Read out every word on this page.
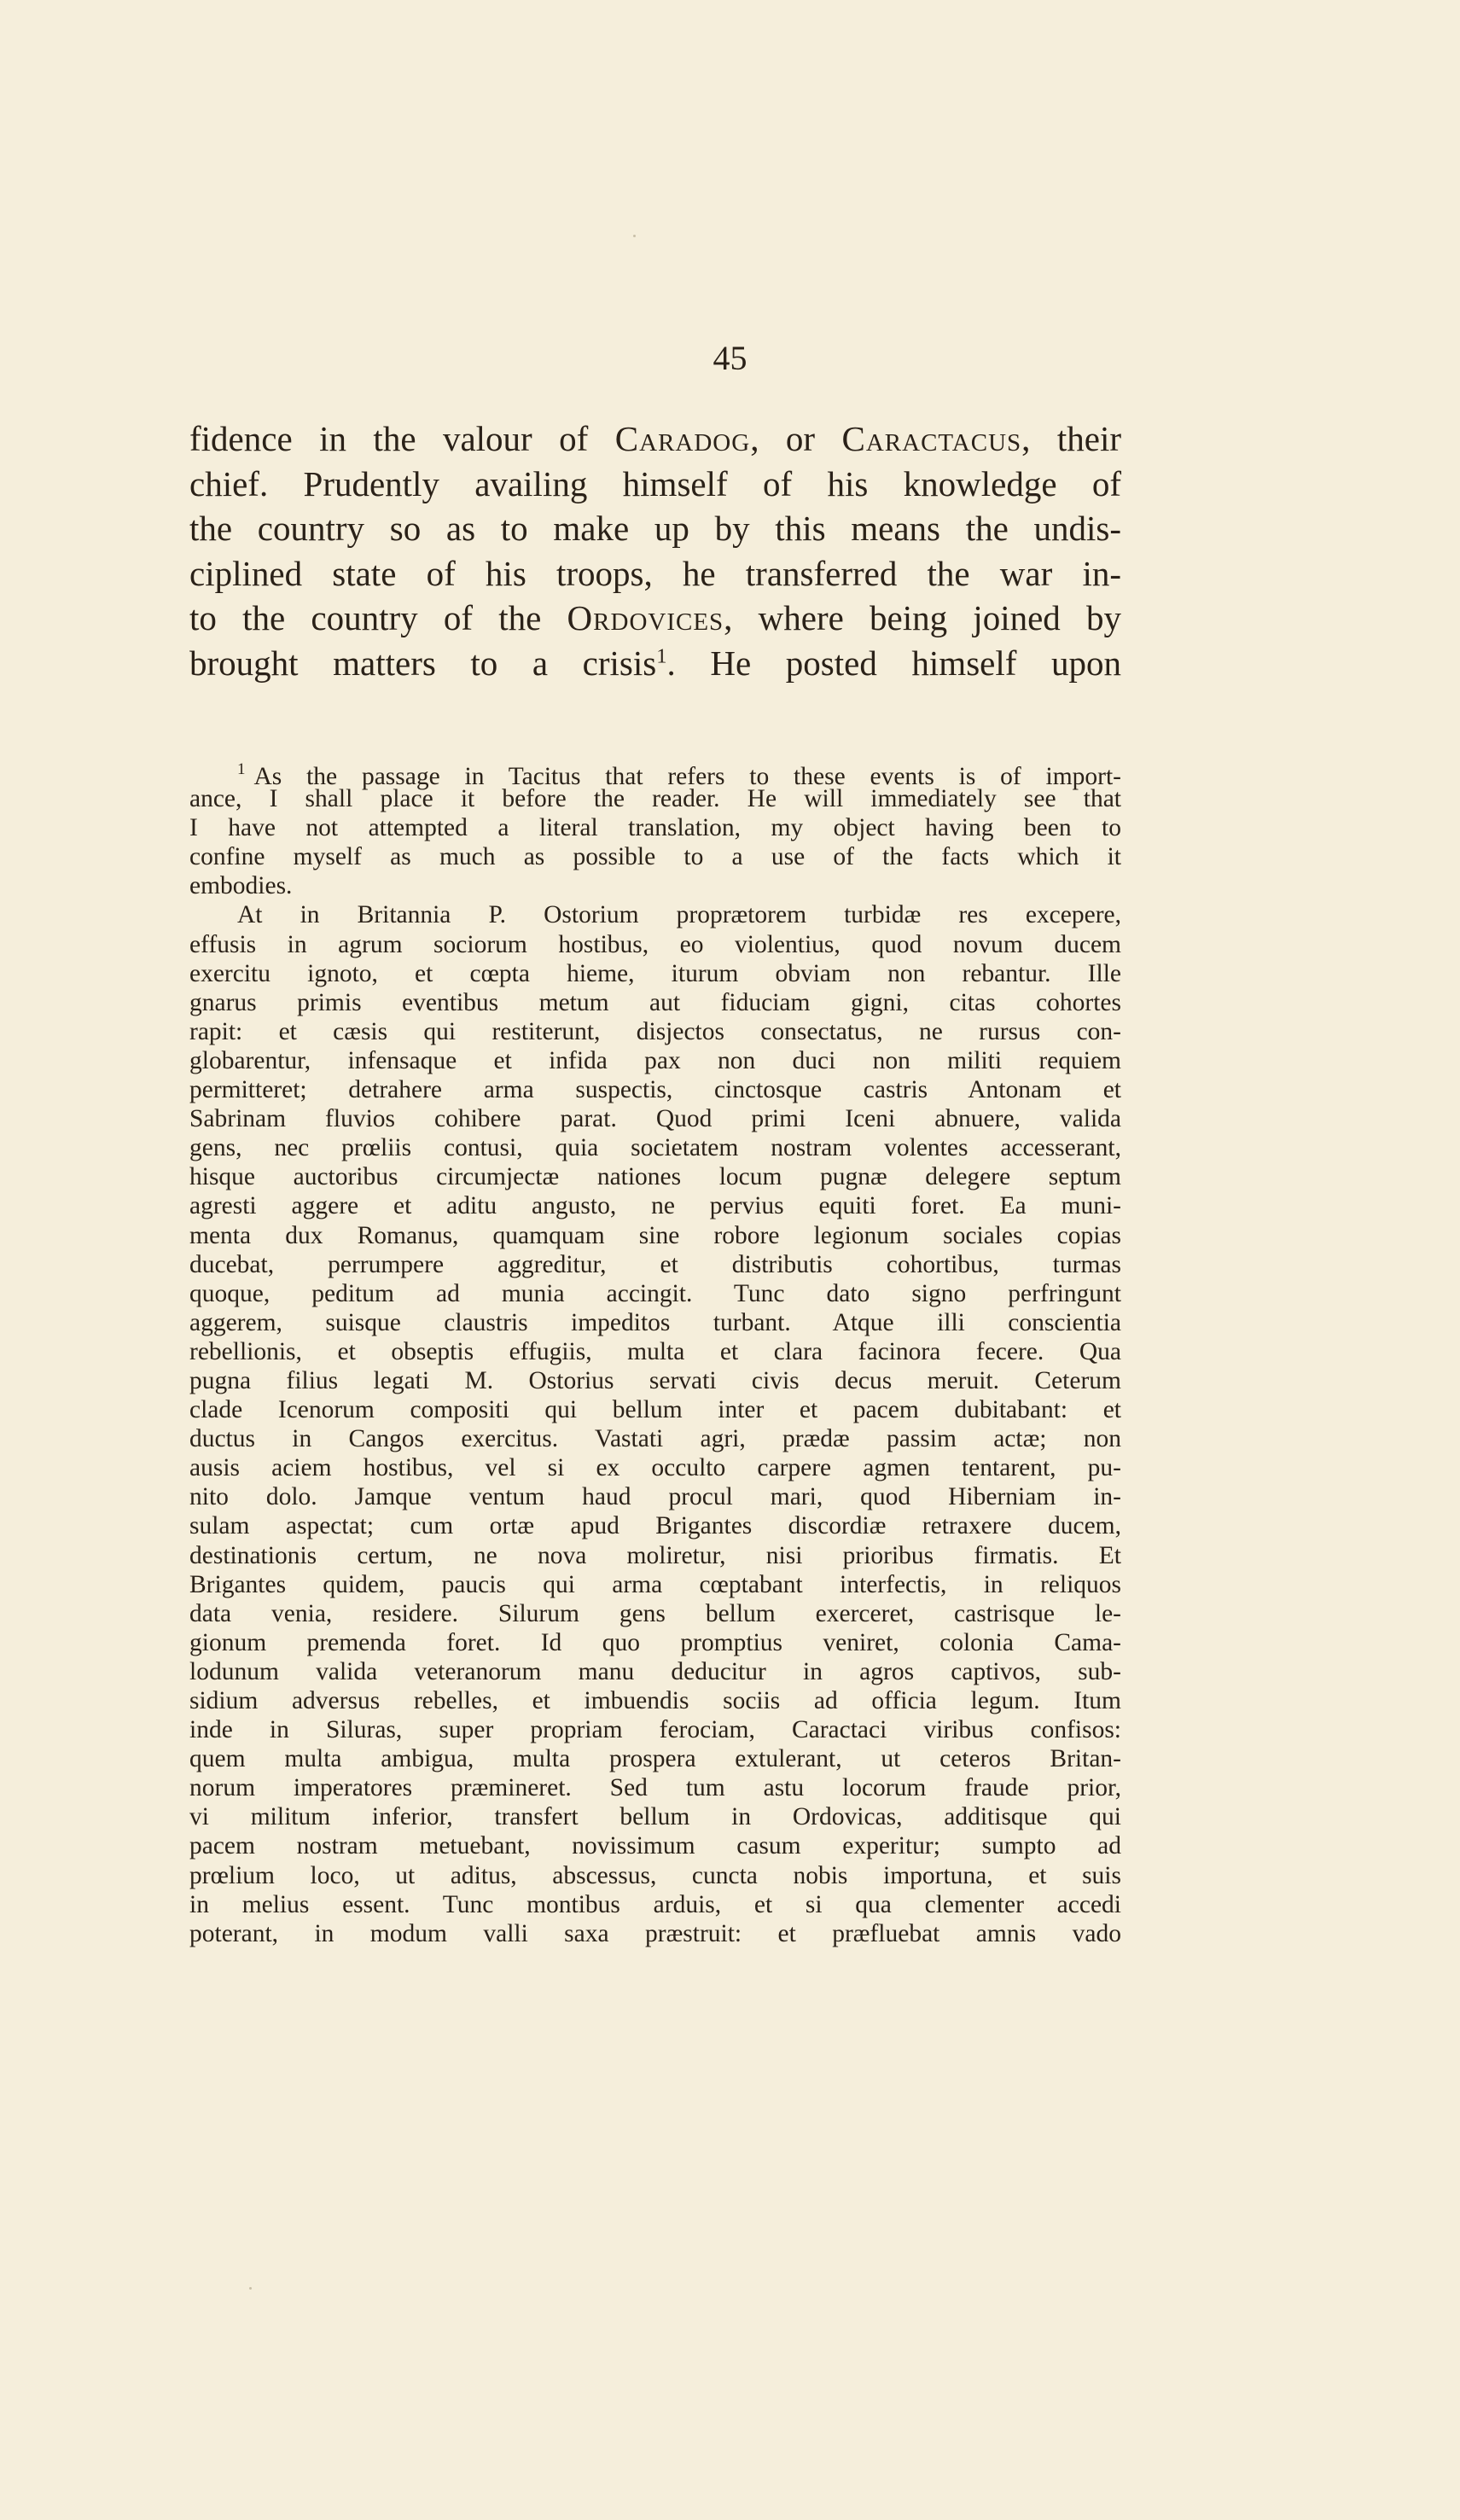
45
fidence in the valour of Caradog, or Caractacus, their
chief. Prudently availing himself of his knowledge of
the country so as to make up by this means the undis-
ciplined state of his troops, he transferred the war in-
to the country of the Ordovices, where being joined by
brought matters to a crisis$^1$. He posted himself upon
$^1$ As the passage in Tacitus that refers to these events is of import-
ance, I shall place it before the reader. He will immediately see that
I have not attempted a literal translation, my object having been to
confine myself as much as possible to a use of the facts which it
embodies.
At in Britannia P. Ostorium proprætorem turbidæ res excepere,
effusis in agrum sociorum hostibus, eo violentius, quod novum ducem
exercitu ignoto, et cœpta hieme, iturum obviam non rebantur. Ille
gnarus primis eventibus metum aut fiduciam gigni, citas cohortes
rapit: et cæsis qui restiterunt, disjectos consectatus, ne rursus con-
globarentur, infensaque et infida pax non duci non militi requiem
permitteret; detrahere arma suspectis, cinctosque castris Antonam et
Sabrinam fluvios cohibere parat. Quod primi Iceni abnuere, valida
gens, nec prœliis contusi, quia societatem nostram volentes accesserant,
hisque auctoribus circumjectæ nationes locum pugnæ delegere septum
agresti aggere et aditu angusto, ne pervius equiti foret. Ea muni-
menta dux Romanus, quamquam sine robore legionum sociales copias
ducebat, perrumpere aggreditur, et distributis cohortibus, turmas
quoque, peditum ad munia accingit. Tunc dato signo perfringunt
aggerem, suisque claustris impeditos turbant. Atque illi conscientia
rebellionis, et obseptis effugiis, multa et clara facinora fecere. Qua
pugna filius legati M. Ostorius servati civis decus meruit. Ceterum
clade Icenorum compositi qui bellum inter et pacem dubitabant: et
ductus in Cangos exercitus. Vastati agri, prædæ passim actæ; non
ausis aciem hostibus, vel si ex occulto carpere agmen tentarent, pu-
nito dolo. Jamque ventum haud procul mari, quod Hiberniam in-
sulam aspectat; cum ortæ apud Brigantes discordiæ retraxere ducem,
destinationis certum, ne nova moliretur, nisi prioribus firmatis. Et
Brigantes quidem, paucis qui arma cœptabant interfectis, in reliquos
data venia, residere. Silurum gens bellum exerceret, castrisque le-
gionum premenda foret. Id quo promptius veniret, colonia Cama-
lodunum valida veteranorum manu deducitur in agros captivos, sub-
sidium adversus rebelles, et imbuendis sociis ad officia legum. Itum
inde in Siluras, super propriam ferociam, Caractaci viribus confisos:
quem multa ambigua, multa prospera extulerant, ut ceteros Britan-
norum imperatores præmineret. Sed tum astu locorum fraude prior,
vi militum inferior, transfert bellum in Ordovicas, additisque qui
pacem nostram metuebant, novissimum casum experitur; sumpto ad
prœlium loco, ut aditus, abscessus, cuncta nobis importuna, et suis
in melius essent. Tunc montibus arduis, et si qua clementer accedi
poterant, in modum valli saxa præstruit: et præfluebat amnis vado
